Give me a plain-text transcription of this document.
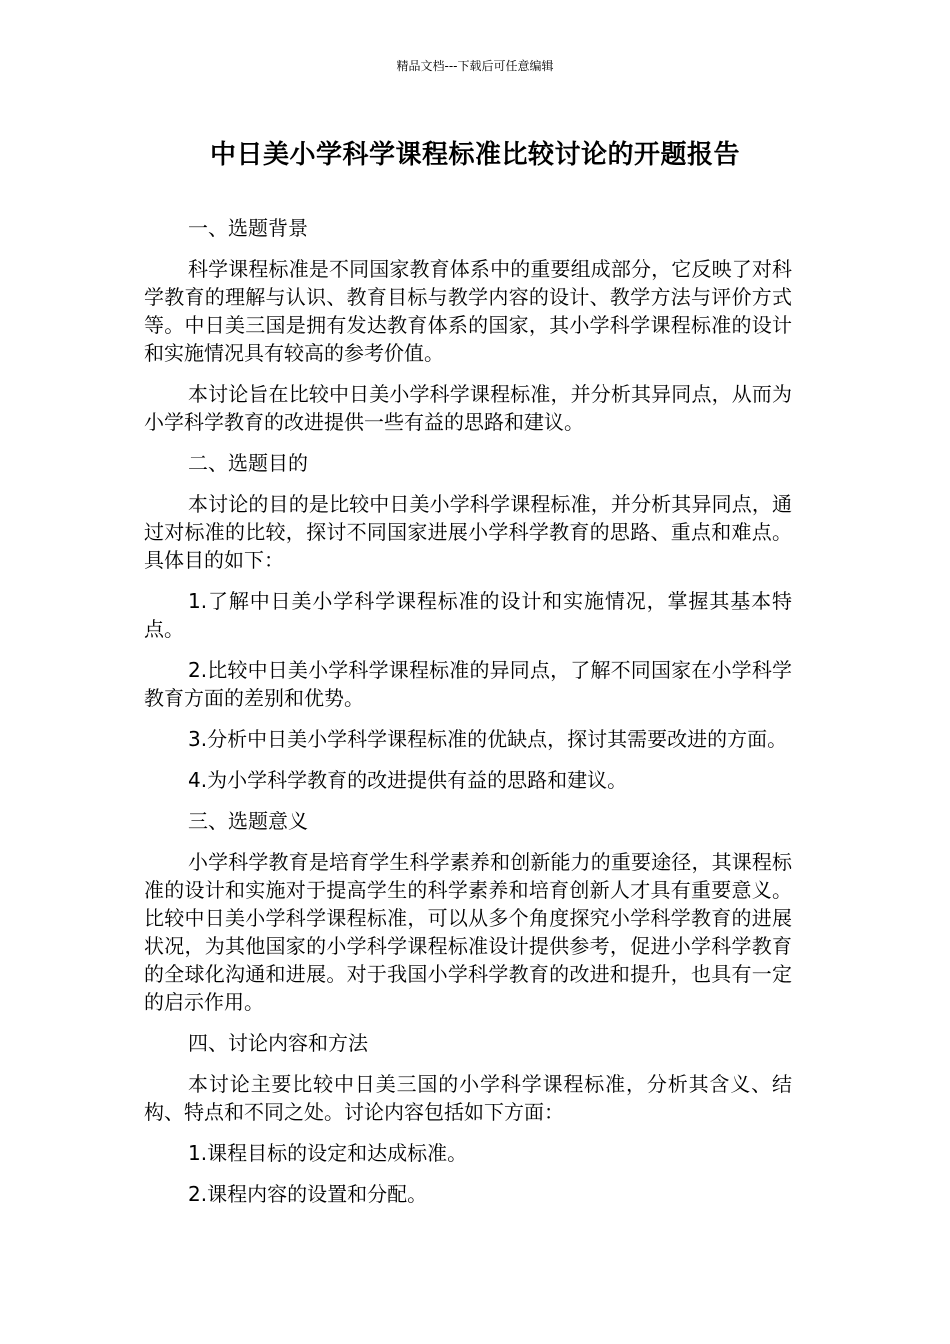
精品文档---下载后可任意编辑
中日美小学科学课程标准比较讨论的开题报告

一、选题背景

科学课程标准是不同国家教育体系中的重要组成部分，它反映了对科学教育的理解与认识、教育目标与教学内容的设计、教学方法与评价方式等。中日美三国是拥有发达教育体系的国家，其小学科学课程标准的设计和实施情况具有较高的参考价值。

本讨论旨在比较中日美小学科学课程标准，并分析其异同点，从而为小学科学教育的改进提供一些有益的思路和建议。

二、选题目的

本讨论的目的是比较中日美小学科学课程标准，并分析其异同点，通过对标准的比较，探讨不同国家进展小学科学教育的思路、重点和难点。具体目的如下：

1.了解中日美小学科学课程标准的设计和实施情况，掌握其基本特点。

2.比较中日美小学科学课程标准的异同点，了解不同国家在小学科学教育方面的差别和优势。

3.分析中日美小学科学课程标准的优缺点，探讨其需要改进的方面。

4.为小学科学教育的改进提供有益的思路和建议。

三、选题意义

小学科学教育是培育学生科学素养和创新能力的重要途径，其课程标准的设计和实施对于提高学生的科学素养和培育创新人才具有重要意义。比较中日美小学科学课程标准，可以从多个角度探究小学科学教育的进展状况，为其他国家的小学科学课程标准设计提供参考，促进小学科学教育的全球化沟通和进展。对于我国小学科学教育的改进和提升，也具有一定的启示作用。

四、讨论内容和方法

本讨论主要比较中日美三国的小学科学课程标准，分析其含义、结构、特点和不同之处。讨论内容包括如下方面：

1.课程目标的设定和达成标准。

2.课程内容的设置和分配。
